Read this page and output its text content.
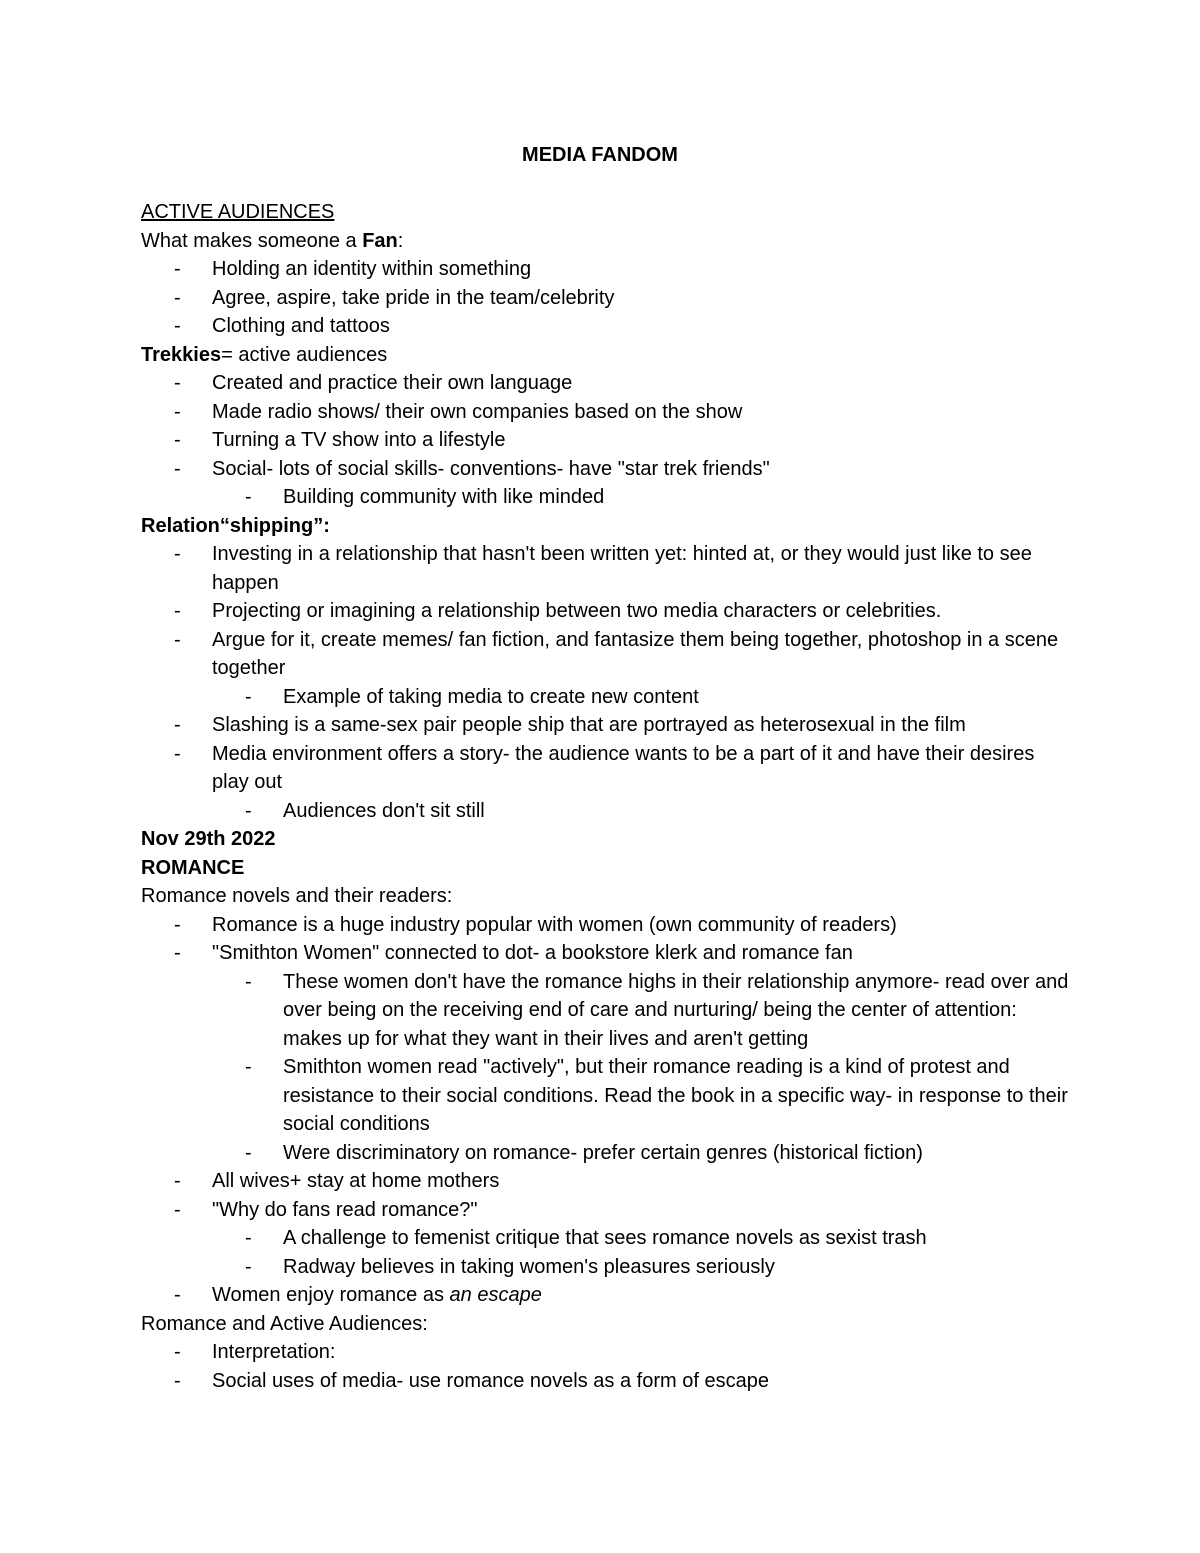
MEDIA FANDOM
ACTIVE AUDIENCES
What makes someone a Fan:
-	Holding an identity within something
-	Agree, aspire, take pride in the team/celebrity
-	Clothing and tattoos
Trekkies= active audiences
-	Created and practice their own language
-	Made radio shows/ their own companies based on the show
-	Turning a TV show into a lifestyle
-	Social- lots of social skills- conventions- have "star trek friends"
-	Building community with like minded
Relation“shipping”:
-	Investing in a relationship that hasn't been written yet: hinted at, or they would just like to see happen
-	Projecting or imagining a relationship between two media characters or celebrities.
-	Argue for it, create memes/ fan fiction, and fantasize them being together, photoshop in a scene together
-	Example of taking media to create new content
-	Slashing is a same-sex pair people ship that are portrayed as heterosexual in the film
-	Media environment offers a story- the audience wants to be a part of it and have their desires play out
-	Audiences don't sit still
Nov 29th 2022
ROMANCE
Romance novels and their readers:
-	Romance is a huge industry popular with women (own community of readers)
-	"Smithton Women" connected to dot- a bookstore klerk and romance fan
-	These women don't have the romance highs in their relationship anymore- read over and over being on the receiving end of care and nurturing/ being the center of attention: makes up for what they want in their lives and aren't getting
-	Smithton women read "actively", but their romance reading is a kind of protest and resistance to their social conditions. Read the book in a specific way- in response to their social conditions
-	Were discriminatory on romance- prefer certain genres (historical fiction)
-	All wives+ stay at home mothers
-	"Why do fans read romance?"
-	A challenge to femenist critique that sees romance novels as sexist trash
-	Radway believes in taking women's pleasures seriously
-	Women enjoy romance as an escape
Romance and Active Audiences:
-	Interpretation:
-	Social uses of media- use romance novels as a form of escape
